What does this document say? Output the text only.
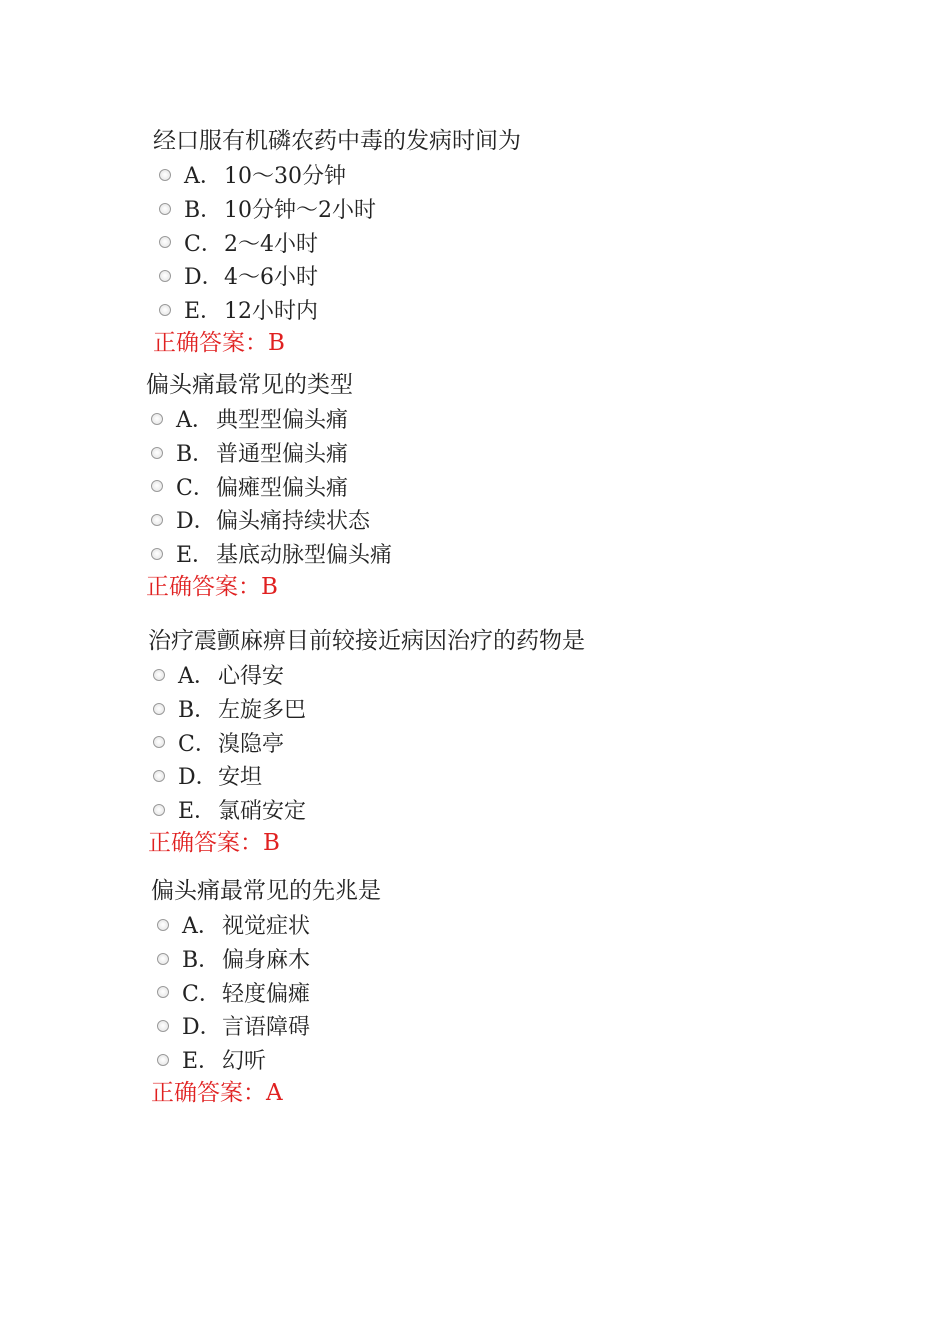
经口服有机磷农药中毒的发病时间为
A． 10～30分钟
B． 10分钟～2小时
C． 2～4小时
D． 4～6小时
E． 12小时内
正确答案：B
偏头痛最常见的类型
A． 典型型偏头痛
B． 普通型偏头痛
C． 偏瘫型偏头痛
D． 偏头痛持续状态
E． 基底动脉型偏头痛
正确答案：B
治疗震颤麻痹目前较接近病因治疗的药物是
A． 心得安
B． 左旋多巴
C． 溴隐亭
D． 安坦
E． 氯硝安定
正确答案：B
偏头痛最常见的先兆是
A． 视觉症状
B． 偏身麻木
C． 轻度偏瘫
D． 言语障碍
E． 幻听
正确答案：A
